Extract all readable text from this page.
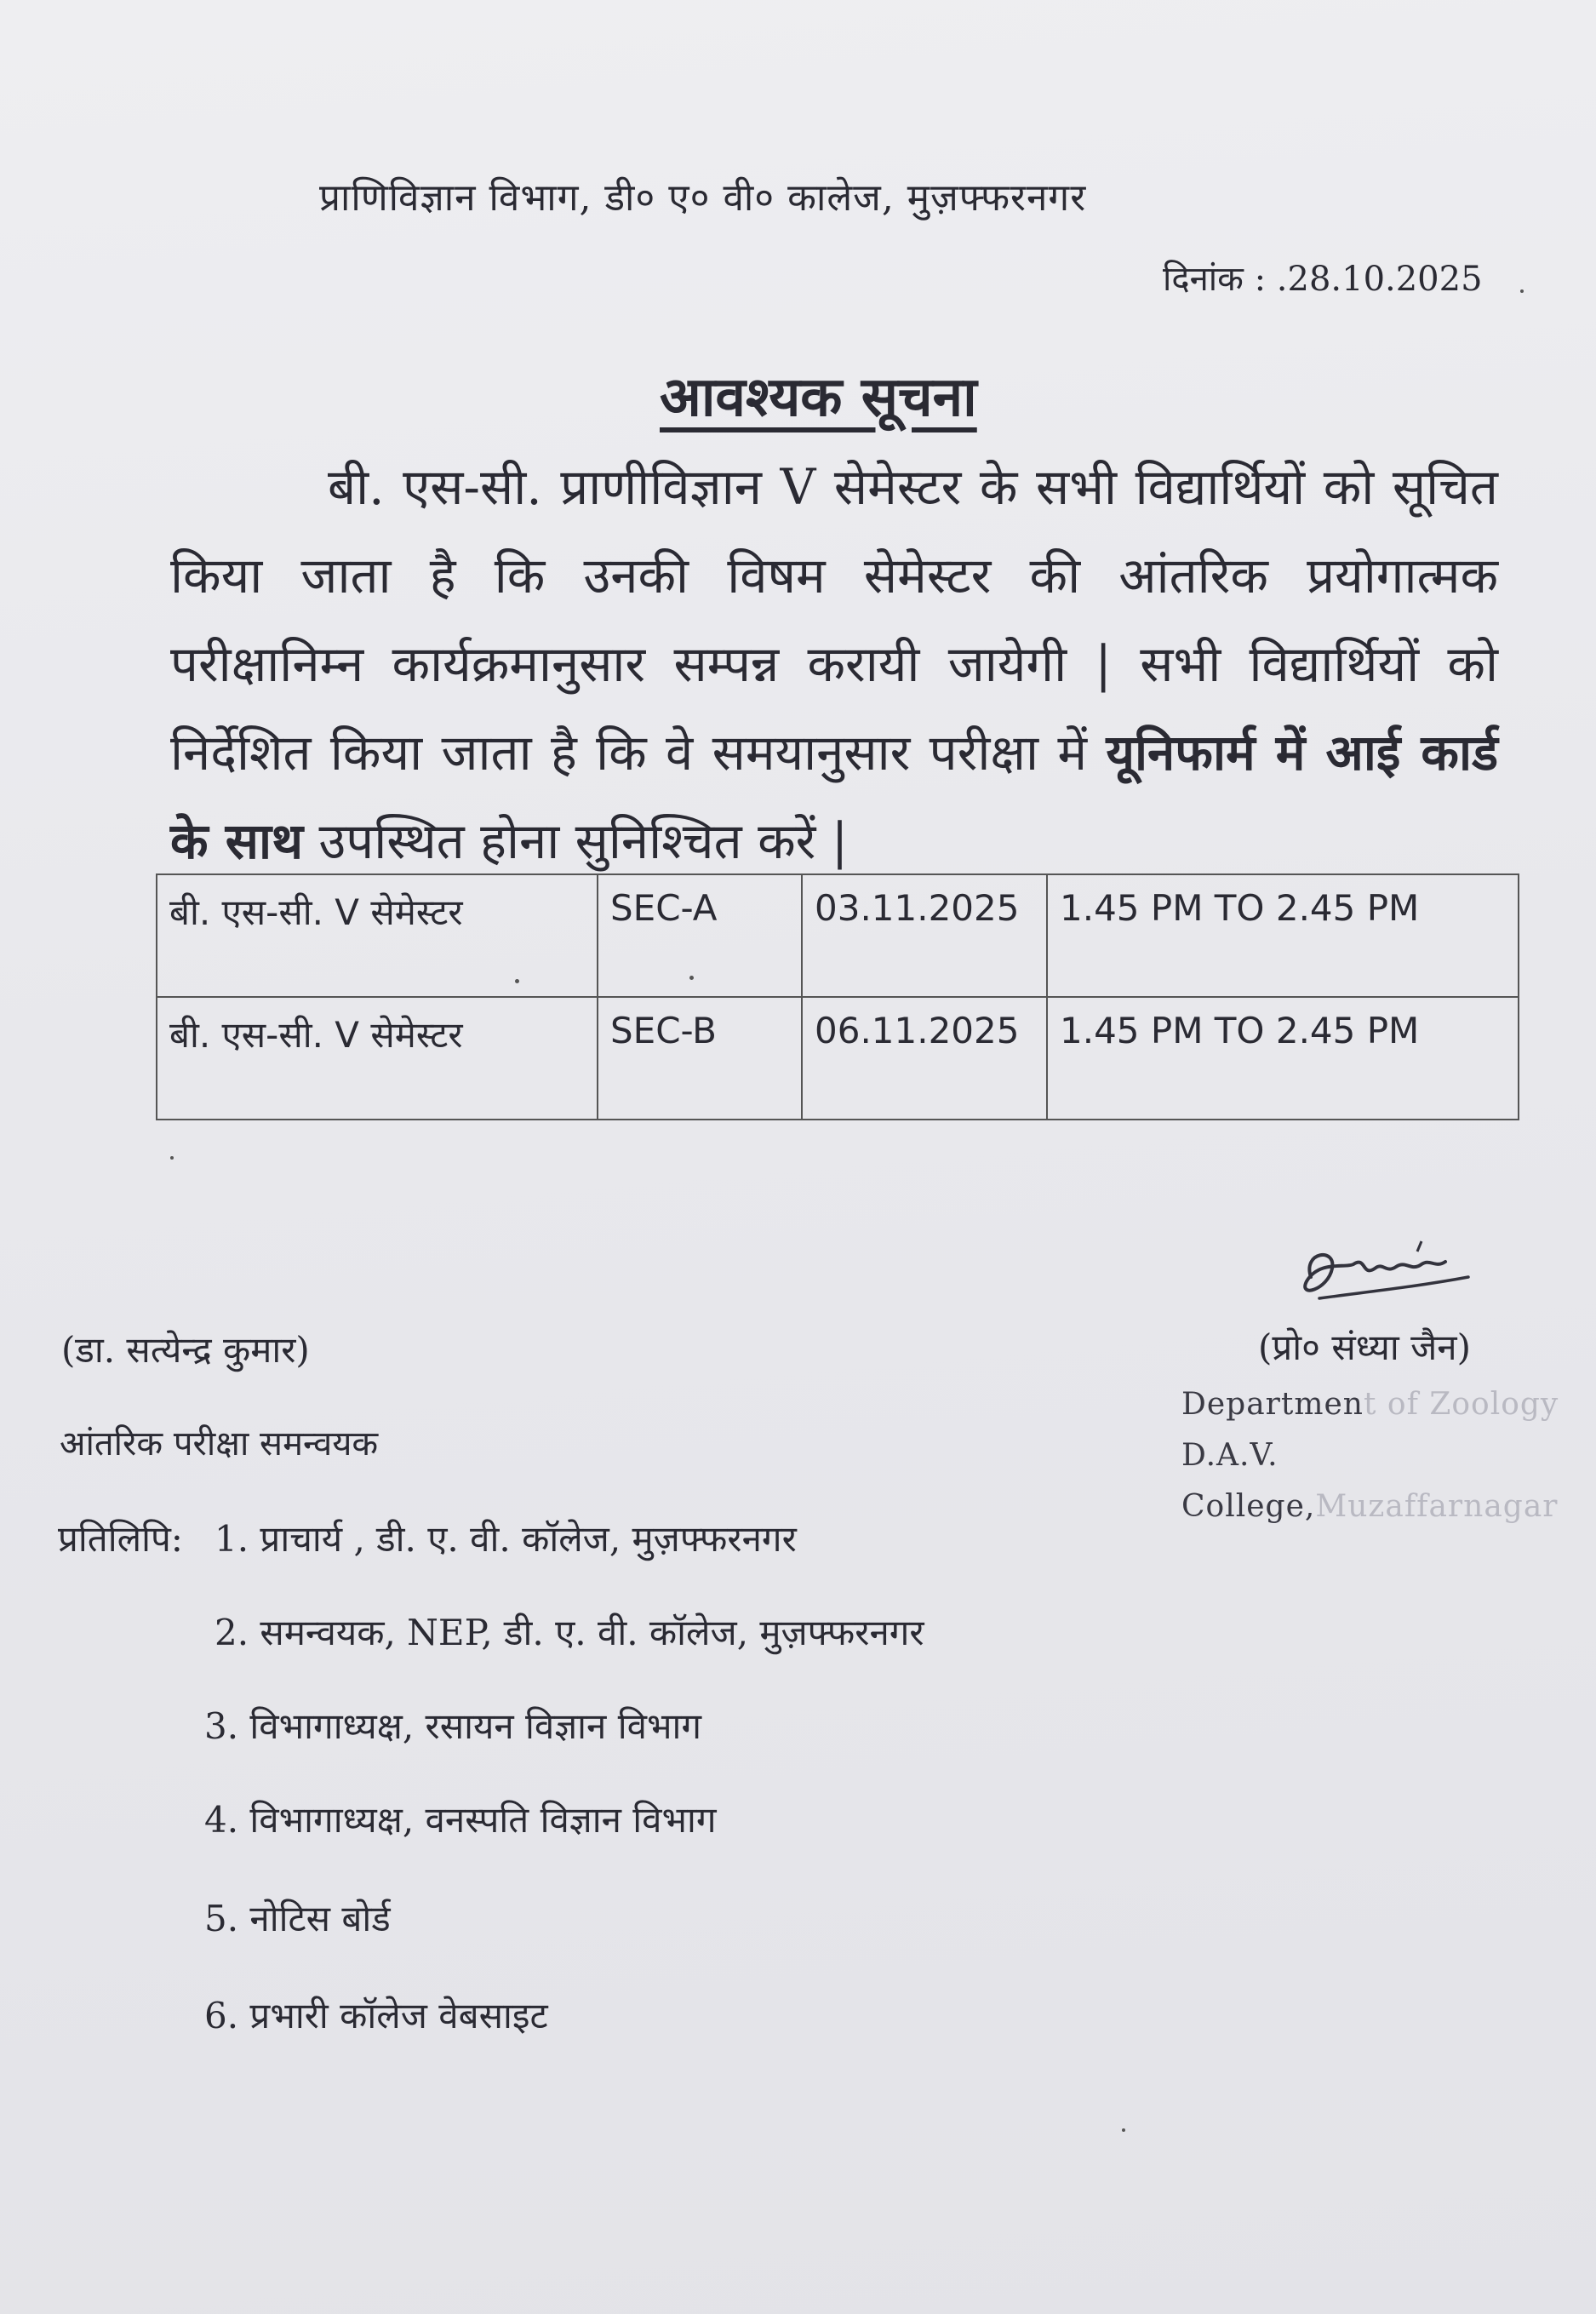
प्राणिविज्ञान विभाग, डी० ए० वी० कालेज, मुज़फ्फरनगर
दिनांक : .28.10.2025
आवश्यक सूचना
बी. एस-सी. प्राणीविज्ञान V सेमेस्टर के सभी विद्यार्थियों को सूचित किया जाता है कि उनकी विषम सेमेस्टर की आंतरिक प्रयोगात्मक परीक्षानिम्न कार्यक्रमानुसार सम्पन्न करायी जायेगी | सभी विद्यार्थियों को निर्देशित किया जाता है कि वे समयानुसार परीक्षा में यूनिफार्म में आई कार्ड के साथ उपस्थित होना सुनिश्चित करें |
बी. एस-सी. V सेमेस्टर	SEC-A	03.11.2025	1.45 PM TO 2.45 PM
बी. एस-सी. V सेमेस्टर	SEC-B	06.11.2025	1.45 PM TO 2.45 PM
(डा. सत्येन्द्र कुमार)
आंतरिक परीक्षा समन्वयक
(प्रो० संध्या जैन)
Department of Zoology
D.A.V. College,Muzaffarnagar
प्रतिलिपि: 1. प्राचार्य , डी. ए. वी. कॉलेज, मुज़फ्फरनगर
2. समन्वयक, NEP, डी. ए. वी. कॉलेज, मुज़फ्फरनगर
3. विभागाध्यक्ष, रसायन विज्ञान विभाग
4. विभागाध्यक्ष, वनस्पति विज्ञान विभाग
5. नोटिस बोर्ड
6. प्रभारी कॉलेज वेबसाइट
